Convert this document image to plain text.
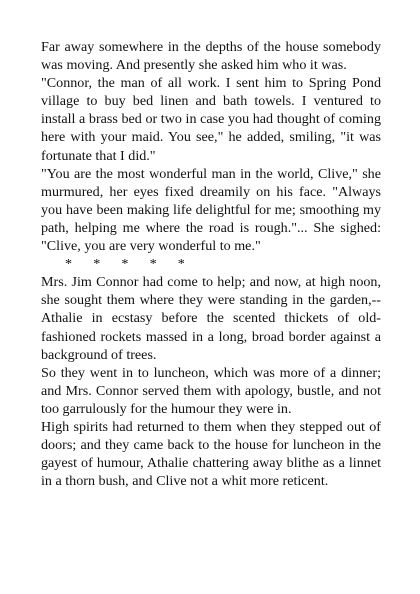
Far away somewhere in the depths of the house somebody was moving. And presently she asked him who it was.

"Connor, the man of all work. I sent him to Spring Pond village to buy bed linen and bath towels. I ventured to install a brass bed or two in case you had thought of coming here with your maid. You see," he added, smiling, "it was fortunate that I did."

"You are the most wonderful man in the world, Clive," she murmured, her eyes fixed dreamily on his face. "Always you have been making life delightful for me; smoothing my path, helping me where the road is rough."... She sighed: "Clive, you are very wonderful to me."

*      *      *      *      *

Mrs. Jim Connor had come to help; and now, at high noon, she sought them where they were standing in the garden,--Athalie in ecstasy before the scented thickets of old-fashioned rockets massed in a long, broad border against a background of trees.

So they went in to luncheon, which was more of a dinner; and Mrs. Connor served them with apology, bustle, and not too garrulously for the humour they were in.

High spirits had returned to them when they stepped out of doors; and they came back to the house for luncheon in the gayest of humour, Athalie chattering away blithe as a linnet in a thorn bush, and Clive not a whit more reticent.
